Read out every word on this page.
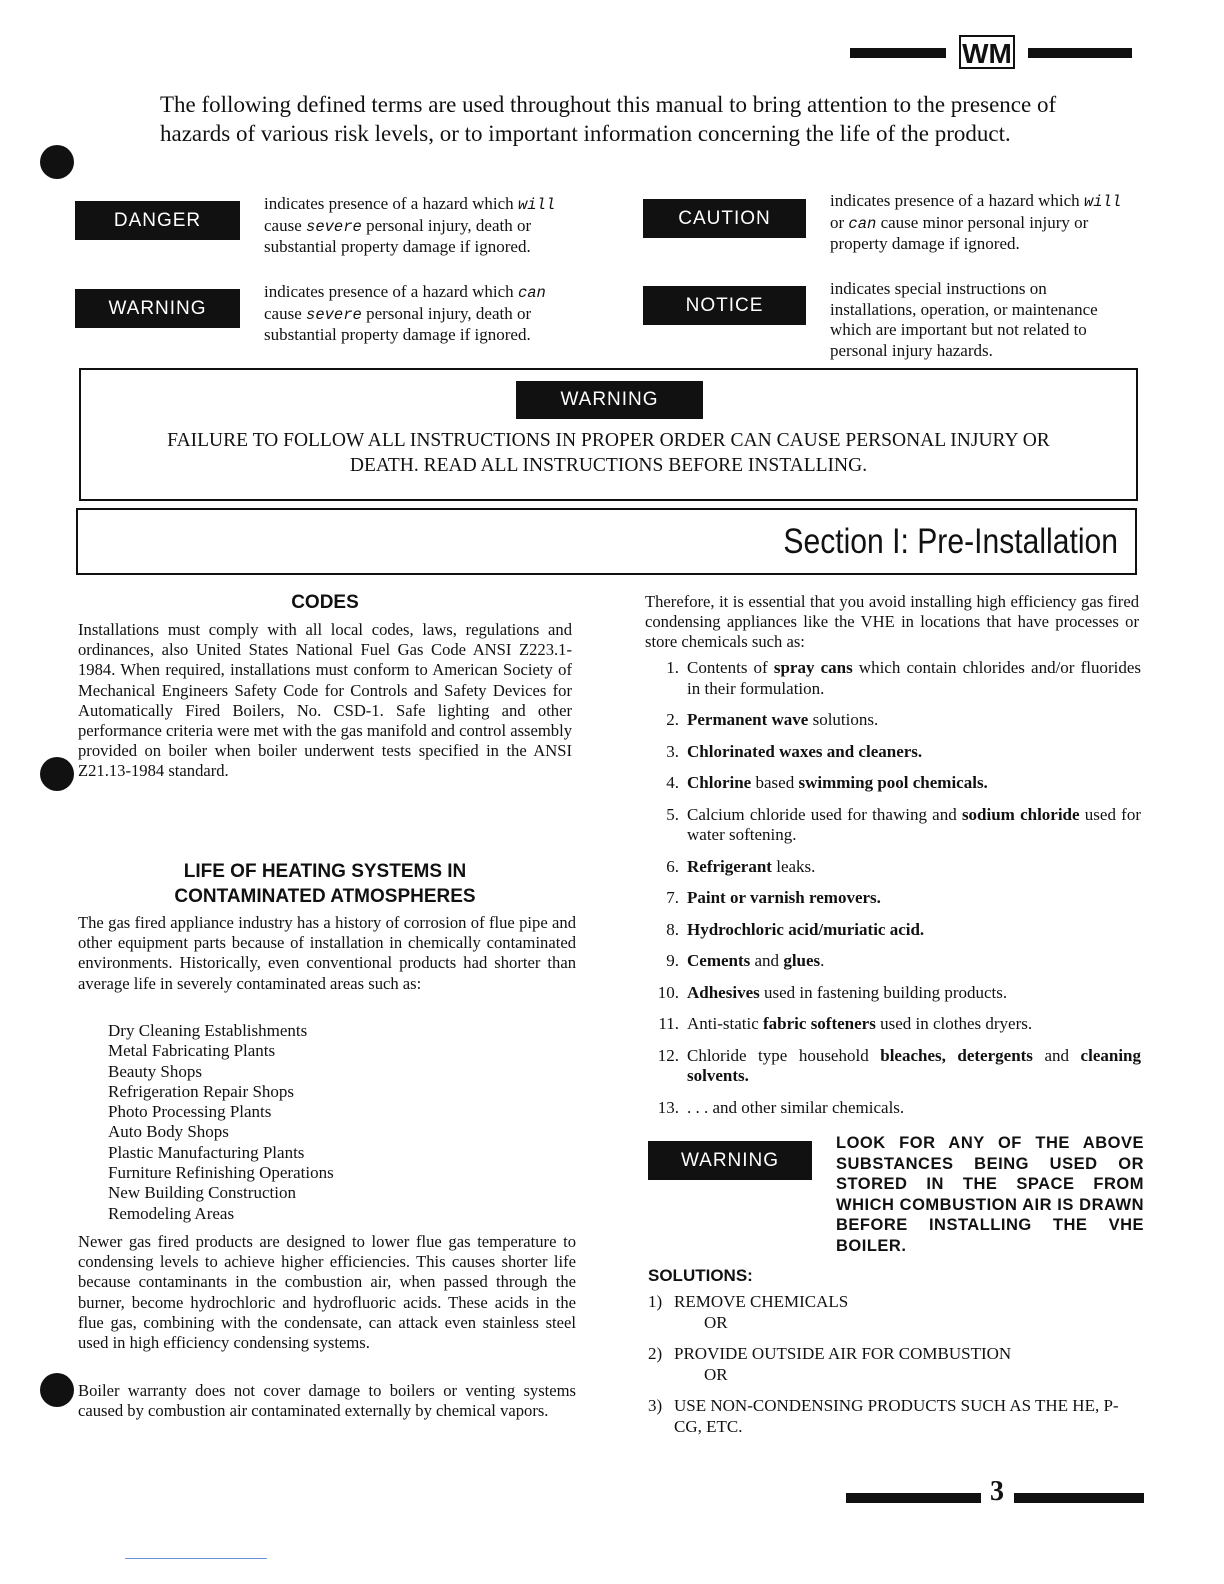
WM
The following defined terms are used throughout this manual to bring attention to the presence of hazards of various risk levels, or to important information concerning the life of the product.
DANGER
indicates presence of a hazard which will cause severe personal injury, death or substantial property damage if ignored.
WARNING
indicates presence of a hazard which can cause severe personal injury, death or substantial property damage if ignored.
CAUTION
indicates presence of a hazard which will or can cause minor personal injury or property damage if ignored.
NOTICE
indicates special instructions on installations, operation, or maintenance which are important but not related to personal injury hazards.
WARNING
FAILURE TO FOLLOW ALL INSTRUCTIONS IN PROPER ORDER CAN CAUSE PERSONAL INJURY OR
DEATH. READ ALL INSTRUCTIONS BEFORE INSTALLING.
Section I: Pre-Installation
CODES
Installations must comply with all local codes, laws, regulations and ordinances, also United States National Fuel Gas Code ANSI Z223.1-1984. When required, installations must conform to American Society of Mechanical Engineers Safety Code for Controls and Safety Devices for Automatically Fired Boilers, No. CSD-1. Safe lighting and other performance criteria were met with the gas manifold and control assembly provided on boiler when boiler underwent tests specified in the ANSI Z21.13-1984 standard.
LIFE OF HEATING SYSTEMS IN
CONTAMINATED ATMOSPHERES
The gas fired appliance industry has a history of corrosion of flue pipe and other equipment parts because of installation in chemically contaminated environments. Historically, even conventional products had shorter than average life in severely contaminated areas such as:
Dry Cleaning Establishments
Metal Fabricating Plants
Beauty Shops
Refrigeration Repair Shops
Photo Processing Plants
Auto Body Shops
Plastic Manufacturing Plants
Furniture Refinishing Operations
New Building Construction
Remodeling Areas
Newer gas fired products are designed to lower flue gas temperature to condensing levels to achieve higher efficiencies. This causes shorter life because contaminants in the combustion air, when passed through the burner, become hydrochloric and hydrofluoric acids. These acids in the flue gas, combining with the condensate, can attack even stainless steel used in high efficiency condensing systems.
Boiler warranty does not cover damage to boilers or venting systems caused by combustion air contaminated externally by chemical vapors.
Therefore, it is essential that you avoid installing high efficiency gas fired condensing appliances like the VHE in locations that have processes or store chemicals such as:
1. Contents of spray cans which contain chlorides and/or fluorides in their formulation.
2. Permanent wave solutions.
3. Chlorinated waxes and cleaners.
4. Chlorine based swimming pool chemicals.
5. Calcium chloride used for thawing and sodium chloride used for water softening.
6. Refrigerant leaks.
7. Paint or varnish removers.
8. Hydrochloric acid/muriatic acid.
9. Cements and glues.
10. Adhesives used in fastening building products.
11. Anti-static fabric softeners used in clothes dryers.
12. Chloride type household bleaches, detergents and cleaning solvents.
13. . . . and other similar chemicals.
WARNING
LOOK FOR ANY OF THE ABOVE SUBSTANCES BEING USED OR STORED IN THE SPACE FROM WHICH COMBUSTION AIR IS DRAWN BEFORE INSTALLING THE VHE BOILER.
SOLUTIONS:
1) REMOVE CHEMICALS
OR
2) PROVIDE OUTSIDE AIR FOR COMBUSTION
OR
3) USE NON-CONDENSING PRODUCTS SUCH AS THE HE, P-CG, ETC.
3
